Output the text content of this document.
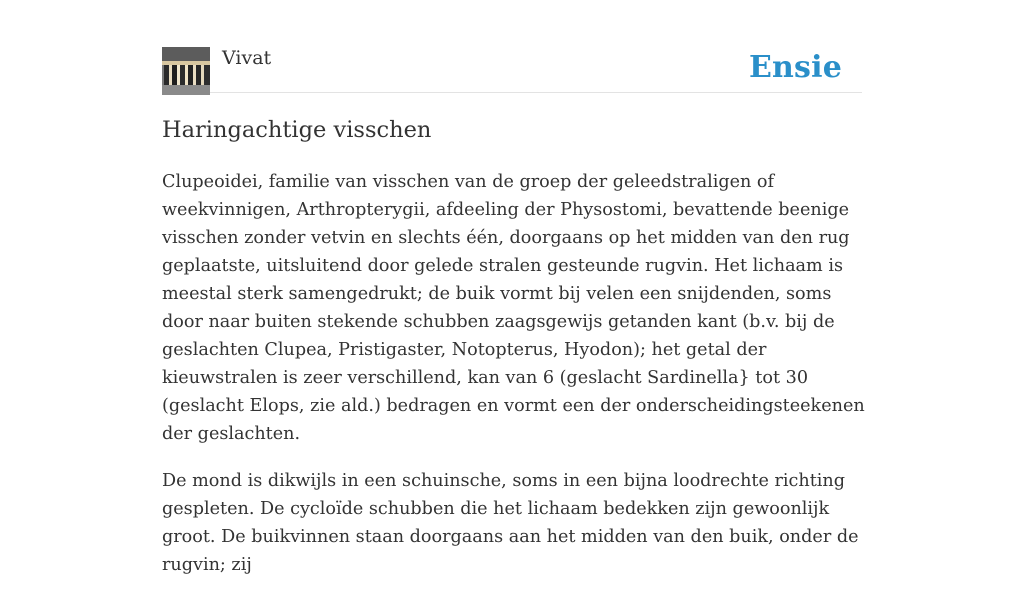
Vivat	Ensie
Haringachtige visschen

Clupeoidei, familie van visschen van de groep der geleedstraligen of weekvinnigen, Arthropterygii, afdeeling der Physostomi, bevattende beenige visschen zonder vetvin en slechts één, doorgaans op het midden van den rug geplaatste, uitsluitend door gelede stralen gesteunde rugvin. Het lichaam is meestal sterk samengedrukt; de buik vormt bij velen een snijdenden, soms door naar buiten stekende schubben zaagsgewijs getanden kant (b.v. bij de geslachten Clupea, Pristigaster, Notopterus, Hyodon); het getal der kieuwstralen is zeer verschillend, kan van 6 (geslacht Sardinella} tot 30 (geslacht Elops, zie ald.) bedragen en vormt een der onderscheidingsteekenen der geslachten.

De mond is dikwijls in een schuinsche, soms in een bijna loodrechte richting gespleten. De cycloïde schubben die het lichaam bedekken zijn gewoonlijk groot. De buikvinnen staan doorgaans aan het midden van den buik, onder de rugvin; zij
